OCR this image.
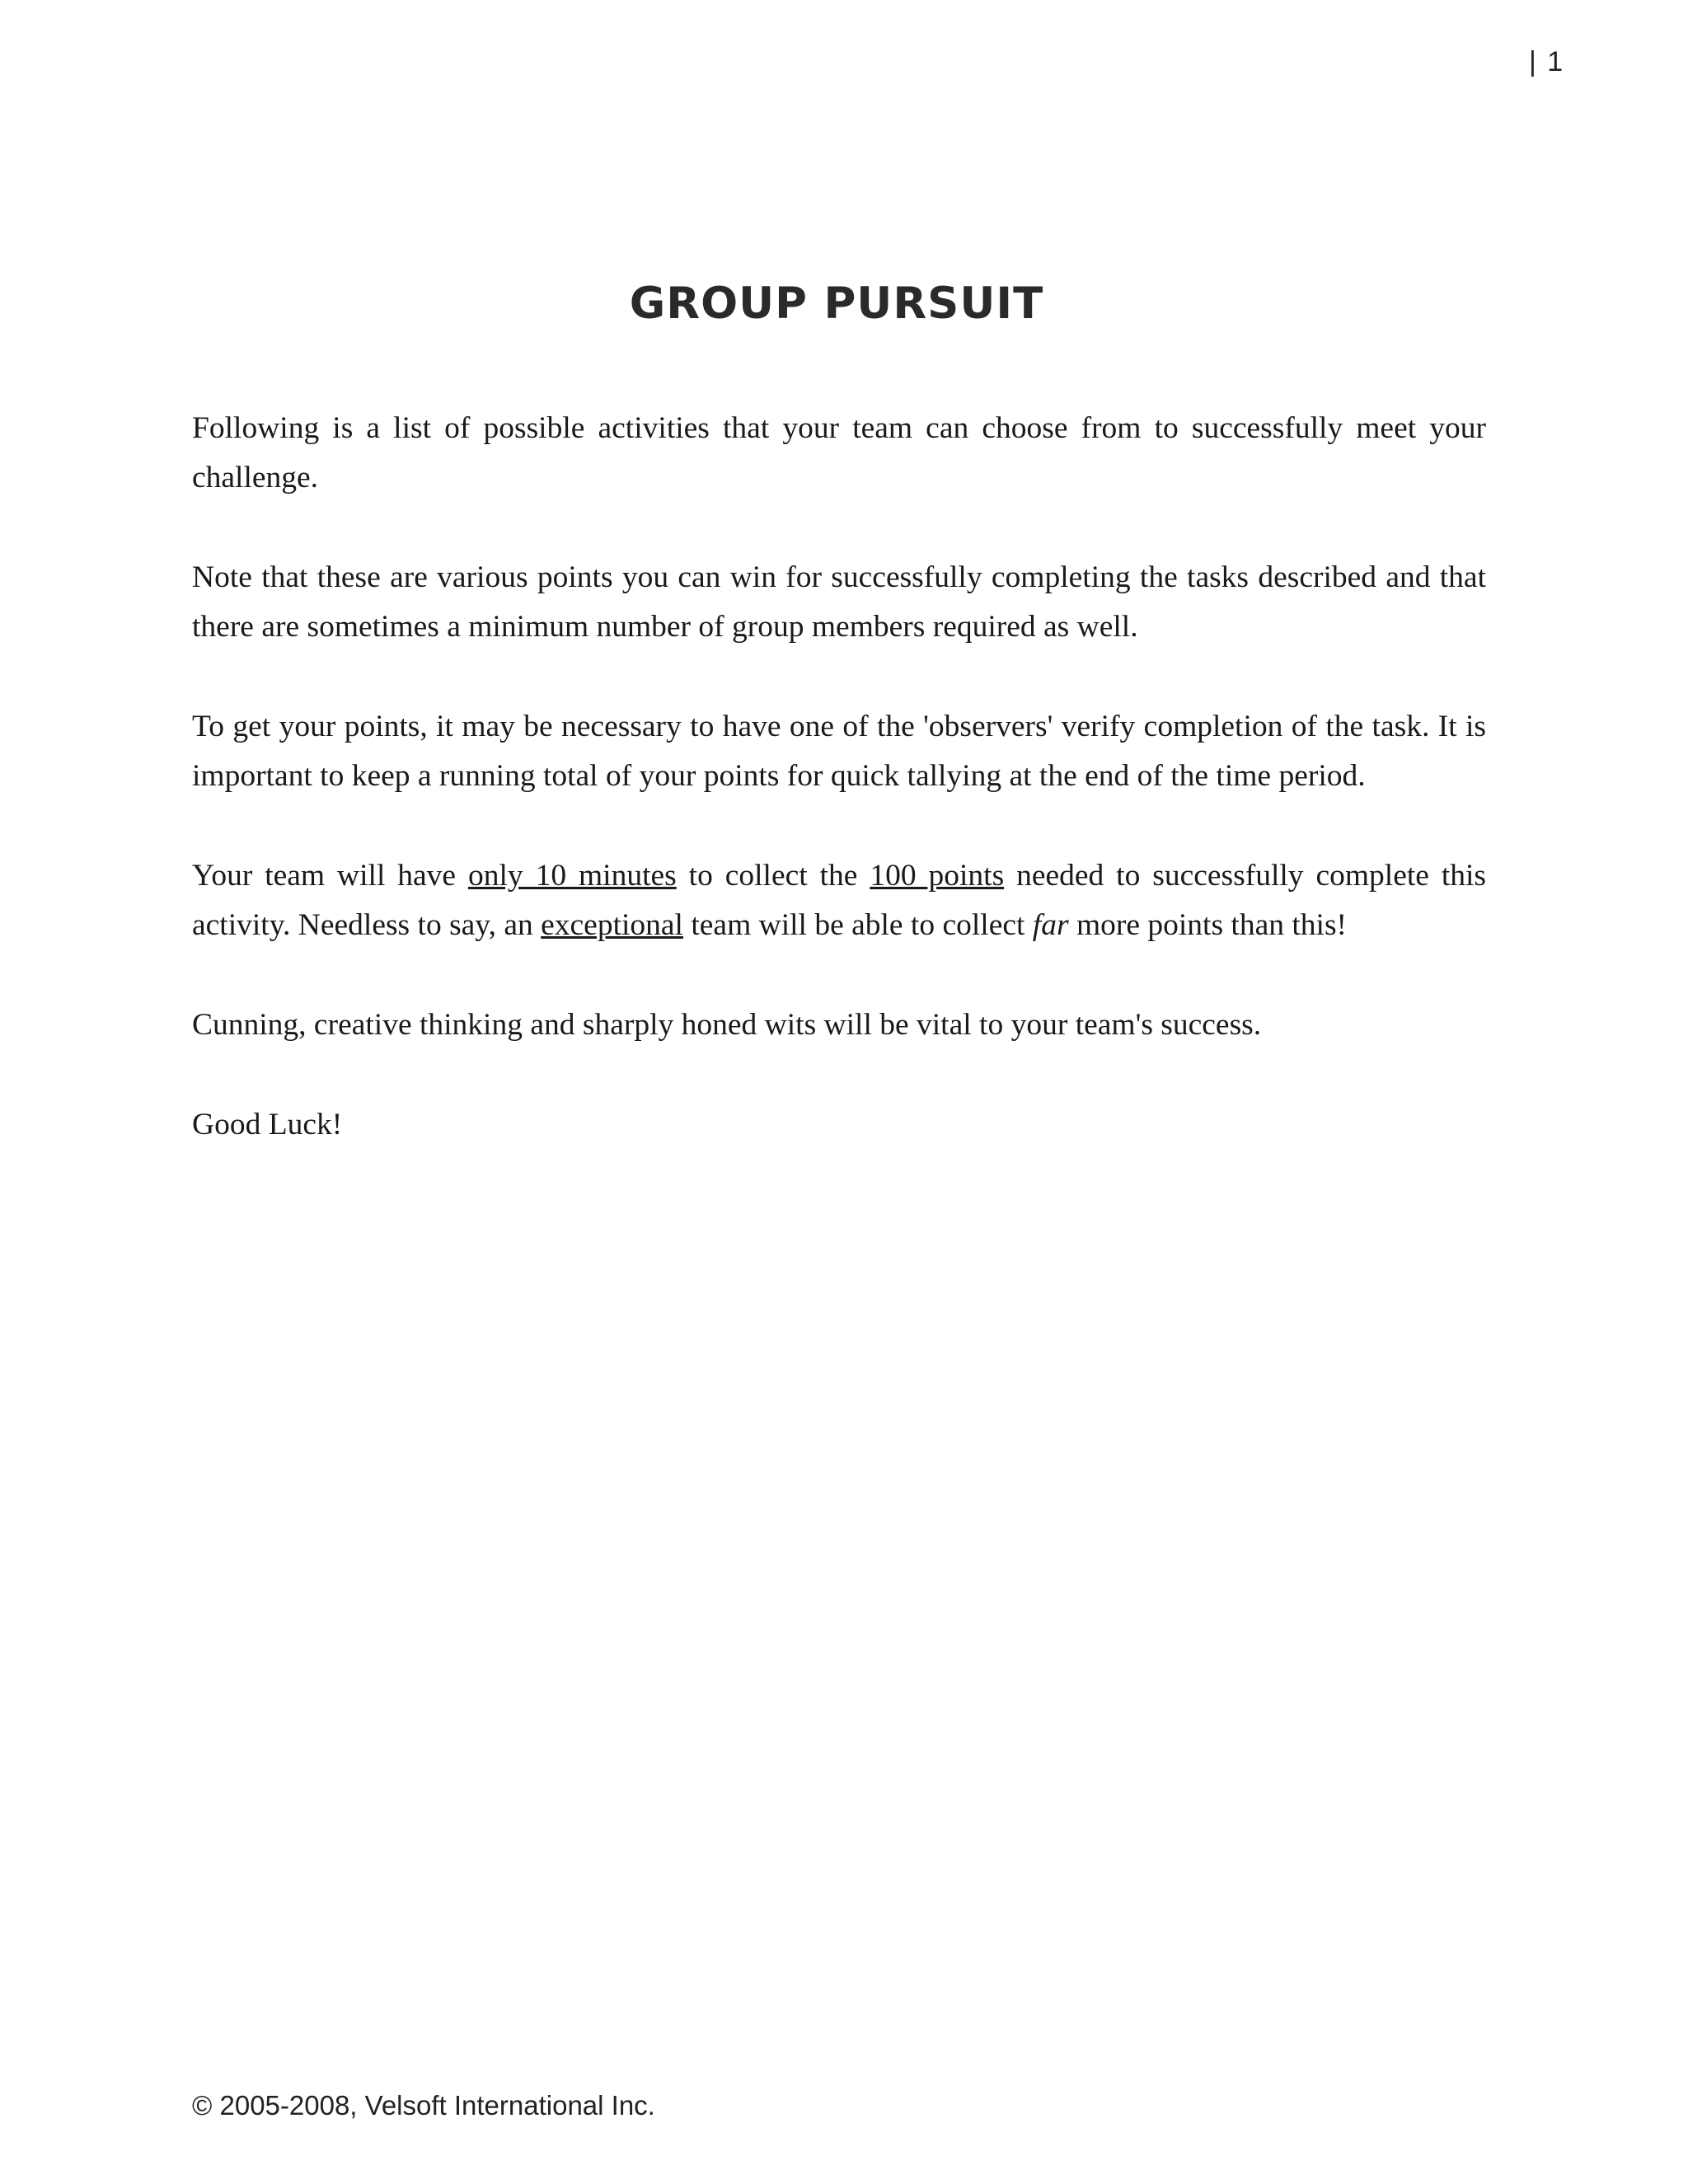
| 1
GROUP PURSUIT

Following is a list of possible activities that your team can choose from to successfully meet your challenge.

Note that these are various points you can win for successfully completing the tasks described and that there are sometimes a minimum number of group members required as well.

To get your points, it may be necessary to have one of the 'observers' verify completion of the task. It is important to keep a running total of your points for quick tallying at the end of the time period.

Your team will have only 10 minutes to collect the 100 points needed to successfully complete this activity. Needless to say, an exceptional team will be able to collect far more points than this!

Cunning, creative thinking and sharply honed wits will be vital to your team's success.

Good Luck!

© 2005-2008, Velsoft International Inc.
